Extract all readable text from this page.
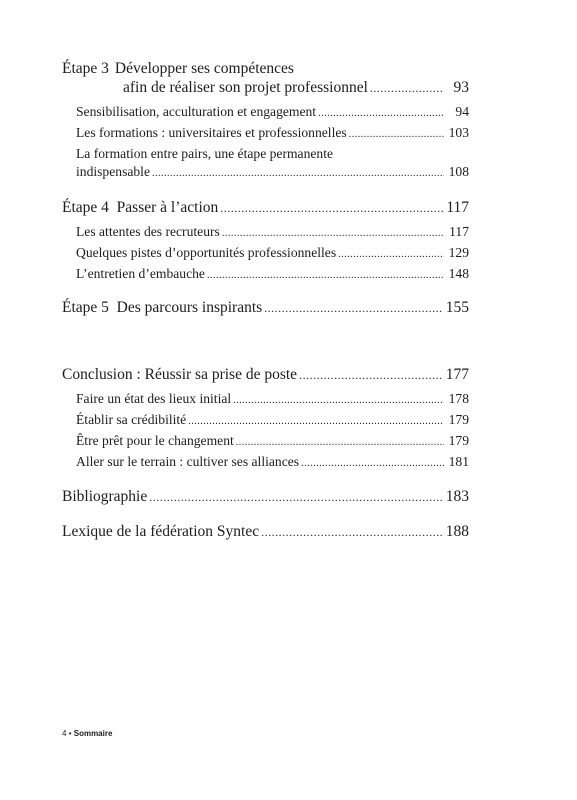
Étape 3 Développer ses compétences
afin de réaliser son projet professionnel .....	93
Sensibilisation, acculturation et engagement .....	94
Les formations : universitaires et professionnelles .....	103
La formation entre pairs, une étape permanente
indispensable .....	108
Étape 4 Passer à l’action .....	117
Les attentes des recruteurs .....	117
Quelques pistes d’opportunités professionnelles .....	129
L’entretien d’embauche .....	148
Étape 5 Des parcours inspirants .....	155
Conclusion : Réussir sa prise de poste .....	177
Faire un état des lieux initial .....	178
Établir sa crédibilité .....	179
Être prêt pour le changement .....	179
Aller sur le terrain : cultiver ses alliances .....	181
Bibliographie .....	183
Lexique de la fédération Syntec .....	188
4 • Sommaire
